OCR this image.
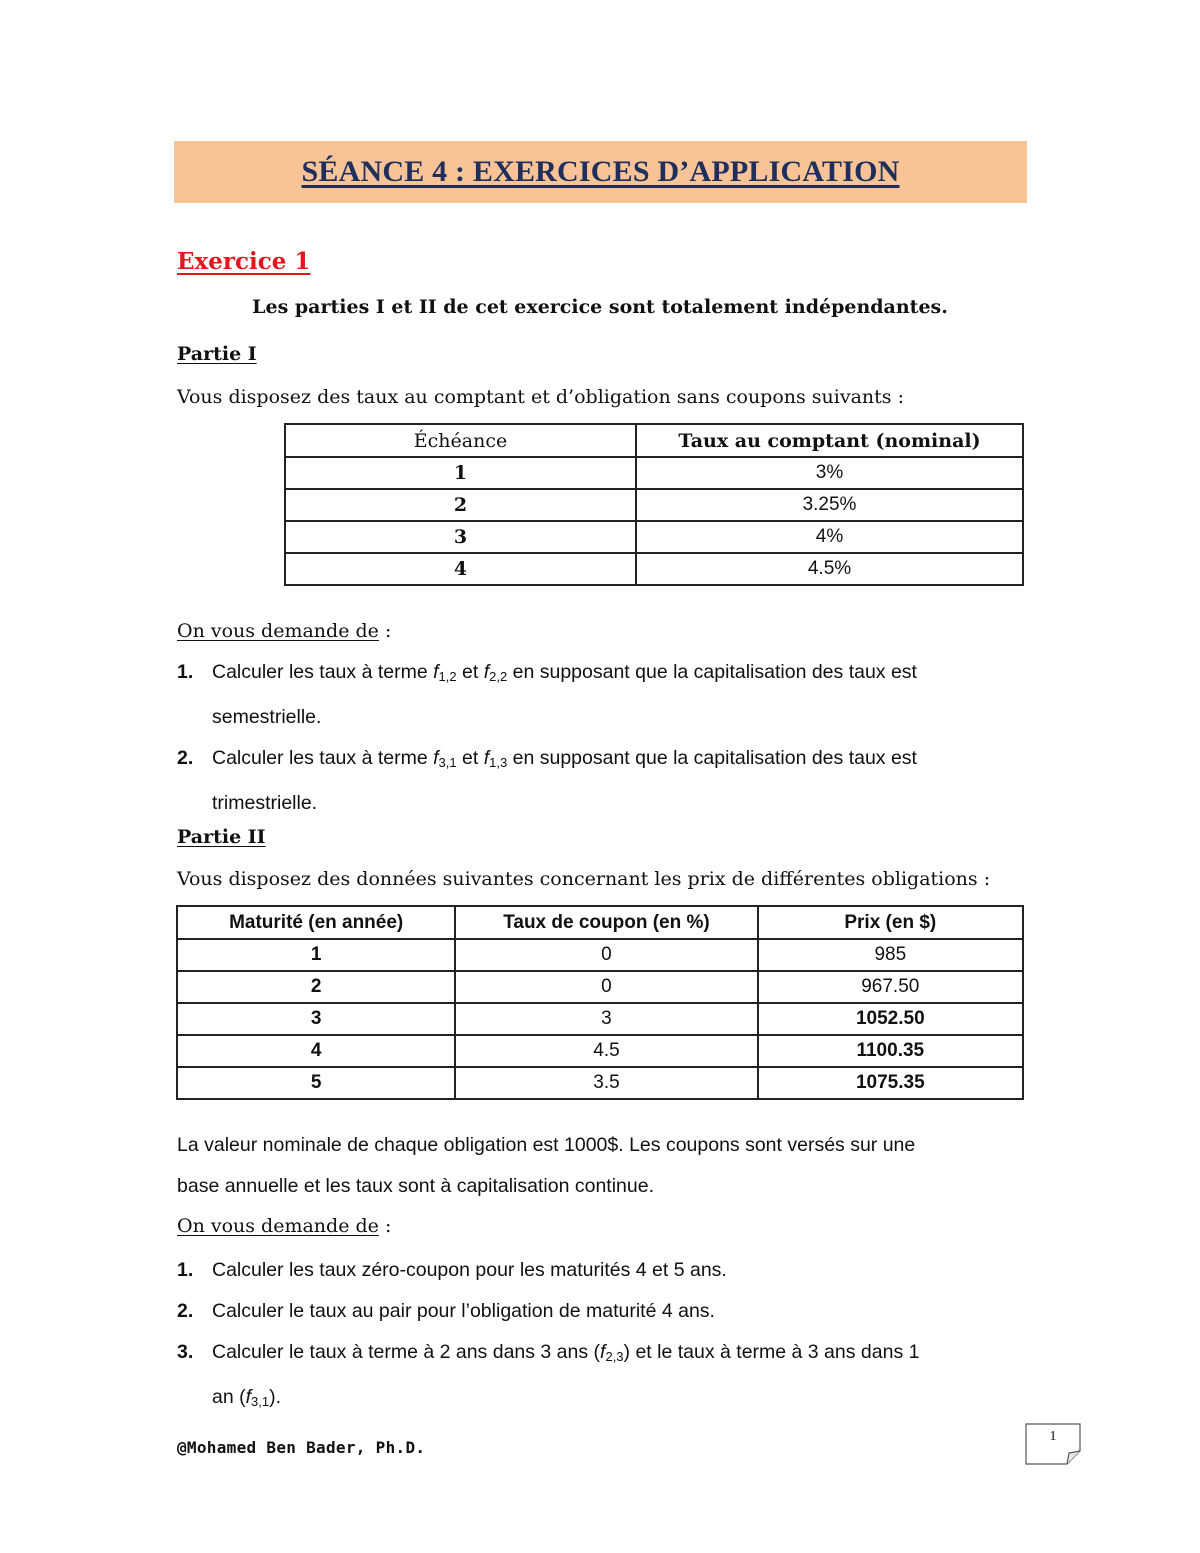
SÉANCE 4 : EXERCICES D’APPLICATION
Exercice 1
Les parties I et II de cet exercice sont totalement indépendantes.
Partie I
Vous disposez des taux au comptant et d’obligation sans coupons suivants :
Échéance	Taux au comptant (nominal)
1	3%
2	3.25%
3	4%
4	4.5%
On vous demande de :
1. Calculer les taux à terme $f_{1,2}$ et $f_{2,2}$ en supposant que la capitalisation des taux est
semestrielle.
2. Calculer les taux à terme $f_{3,1}$ et $f_{1,3}$ en supposant que la capitalisation des taux est
trimestrielle.
Partie II
Vous disposez des données suivantes concernant les prix de différentes obligations :
Maturité (en année)	Taux de coupon (en %)	Prix (en $)
1	0	985
2	0	967.50
3	3	1052.50
4	4.5	1100.35
5	3.5	1075.35
La valeur nominale de chaque obligation est 1000$. Les coupons sont versés sur une
base annuelle et les taux sont à capitalisation continue.
On vous demande de :
1. Calculer les taux zéro-coupon pour les maturités 4 et 5 ans.
2. Calculer le taux au pair pour l’obligation de maturité 4 ans.
3. Calculer le taux à terme à 2 ans dans 3 ans $(f_{2,3})$ et le taux à terme à 3 ans dans 1
an $(f_{3,1})$.
@Mohamed Ben Bader, Ph.D.
1
